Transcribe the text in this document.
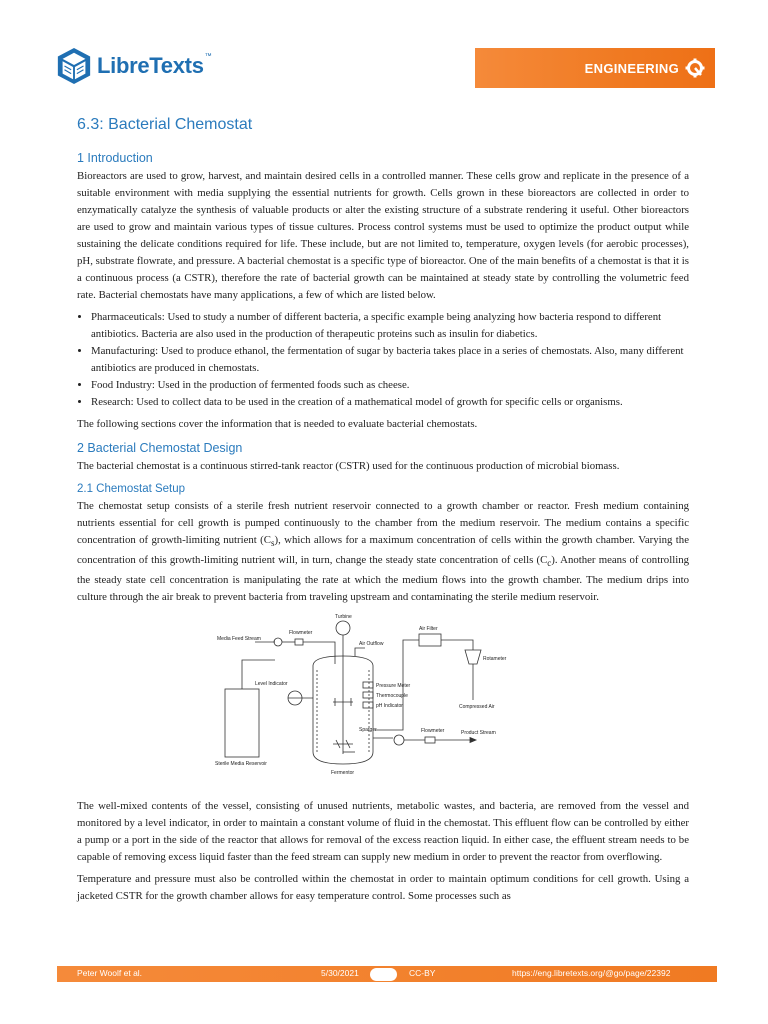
LibreTexts™
ENGINEERING
6.3: Bacterial Chemostat
1 Introduction

Bioreactors are used to grow, harvest, and maintain desired cells in a controlled manner. These cells grow and replicate in the presence of a suitable environment with media supplying the essential nutrients for growth. Cells grown in these bioreactors are collected in order to enzymatically catalyze the synthesis of valuable products or alter the existing structure of a substrate rendering it useful. Other bioreactors are used to grow and maintain various types of tissue cultures. Process control systems must be used to optimize the product output while sustaining the delicate conditions required for life. These include, but are not limited to, temperature, oxygen levels (for aerobic processes), pH, substrate flowrate, and pressure. A bacterial chemostat is a specific type of bioreactor. One of the main benefits of a chemostat is that it is a continuous process (a CSTR), therefore the rate of bacterial growth can be maintained at steady state by controlling the volumetric feed rate. Bacterial chemostats have many applications, a few of which are listed below.

• Pharmaceuticals: Used to study a number of different bacteria, a specific example being analyzing how bacteria respond to different antibiotics. Bacteria are also used in the production of therapeutic proteins such as insulin for diabetics.
• Manufacturing: Used to produce ethanol, the fermentation of sugar by bacteria takes place in a series of chemostats. Also, many different antibiotics are produced in chemostats.
• Food Industry: Used in the production of fermented foods such as cheese.
• Research: Used to collect data to be used in the creation of a mathematical model of growth for specific cells or organisms.

The following sections cover the information that is needed to evaluate bacterial chemostats.

2 Bacterial Chemostat Design

The bacterial chemostat is a continuous stirred-tank reactor (CSTR) used for the continuous production of microbial biomass.

2.1 Chemostat Setup

The chemostat setup consists of a sterile fresh nutrient reservoir connected to a growth chamber or reactor. Fresh medium containing nutrients essential for cell growth is pumped continuously to the chamber from the medium reservoir. The medium contains a specific concentration of growth-limiting nutrient $(C_s)$, which allows for a maximum concentration of cells within the growth chamber. Varying the concentration of this growth-limiting nutrient will, in turn, change the steady state concentration of cells $(C_c)$. Another means of controlling the steady state cell concentration is manipulating the rate at which the medium flows into the growth chamber. The medium drips into culture through the air break to prevent bacteria from traveling upstream and contaminating the sterile medium reservoir.

Media Feed Stream
Flowmeter
Turbine
Air Outflow
Air Filter
Level Indicator	Pressure Meter
Thermocouple
pH Indicator
Rotameter
Compressed Air
Sterile Media Reservoir
Sparger	Flowmeter	Product Stream
Fermentor

The well-mixed contents of the vessel, consisting of unused nutrients, metabolic wastes, and bacteria, are removed from the vessel and monitored by a level indicator, in order to maintain a constant volume of fluid in the chemostat. This effluent flow can be controlled by either a pump or a port in the side of the reactor that allows for removal of the excess reaction liquid. In either case, the effluent stream needs to be capable of removing excess liquid faster than the feed stream can supply new medium in order to prevent the reactor from overflowing.

Temperature and pressure must also be controlled within the chemostat in order to maintain optimum conditions for cell growth. Using a jacketed CSTR for the growth chamber allows for easy temperature control. Some processes such as

Peter Woolf et al.	5/30/2021	6.3.1	CC-BY	https://eng.libretexts.org/@go/page/22392
